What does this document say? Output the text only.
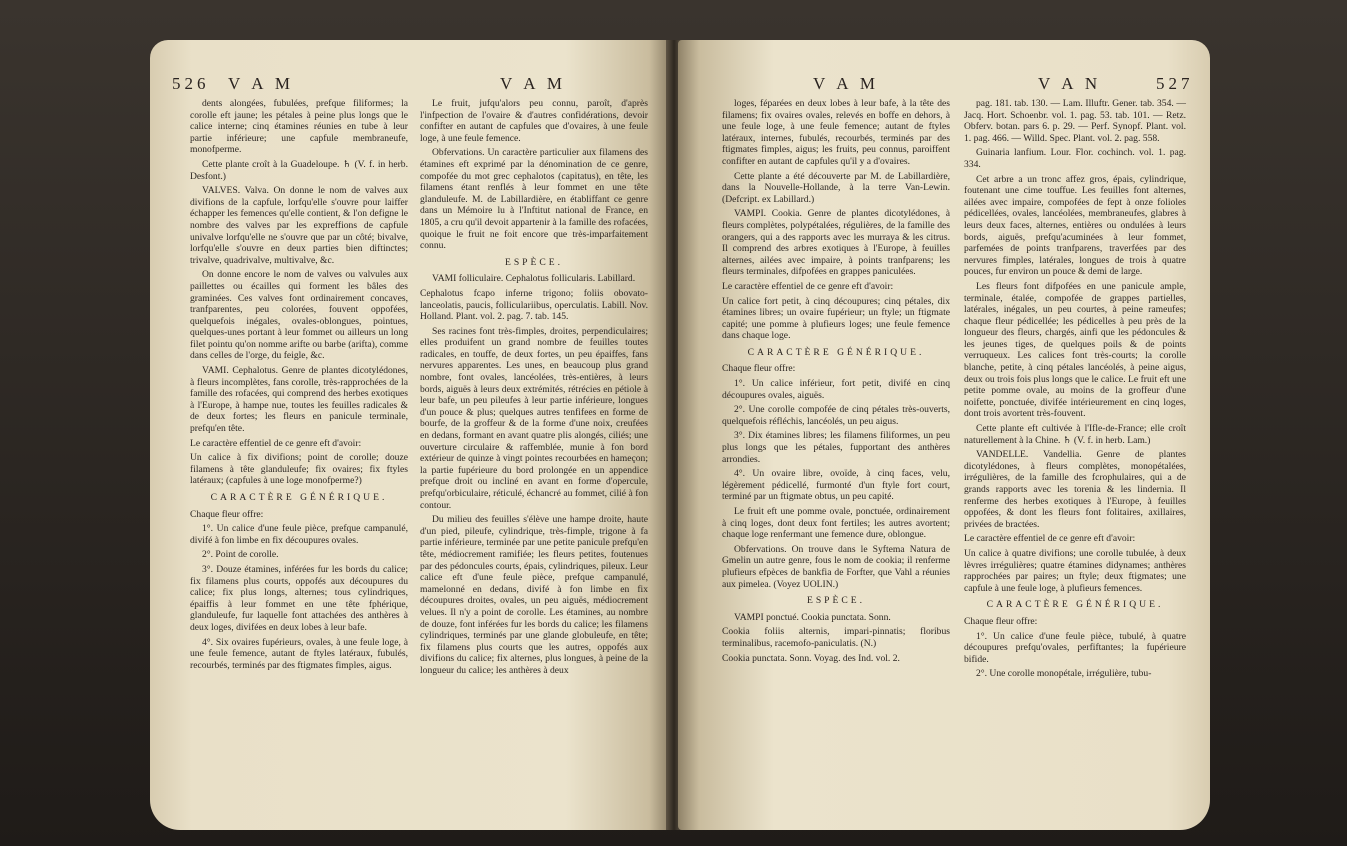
526 V A M	V A M

dents alongées, fubulées, prefque filiformes; la corolle eft jaune; les pétales à peine plus longs que le calice interne; cinq étamines réunies en tube à leur partie inférieure; une capfule membraneufe, monofperme.

Cette plante croît à la Guadeloupe. ♄ (V. f. in herb. Desfont.)

VALVES. Valva. On donne le nom de valves aux divifions de la capfule, lorfqu'elle s'ouvre pour laiffer échapper les femences qu'elle contient, & l'on defigne le nombre des valves par les expreffions de capfule univalve lorfqu'elle ne s'ouvre que par un côté; bivalve, lorfqu'elle s'ouvre en deux parties bien diftinctes; trivalve, quadrivalve, multivalve, &c.

On donne encore le nom de valves ou valvules aux paillettes ou écailles qui forment les bâles des graminées. Ces valves font ordinairement concaves, tranfparentes, peu colorées, fouvent oppofées, quelquefois inégales, ovales-oblongues, pointues, quelques-unes portant à leur fommet ou ailleurs un long filet pointu qu'on nomme arifte ou barbe (arifta), comme dans celles de l'orge, du feigle, &c.

VAMI. Cephalotus. Genre de plantes dicotylédones, à fleurs incomplètes, fans corolle, très-rapprochées de la famille des rofacées, qui comprend des herbes exotiques à l'Europe, à hampe nue, toutes les feuilles radicales & de deux fortes; les fleurs en panicule terminale, prefqu'en tête.

Le caractère effentiel de ce genre eft d'avoir:

Un calice à fix divifions; point de corolle; douze filamens à tête glanduleufe; fix ovaires; fix ftyles latéraux; (capfules à une loge monofperme?)

CARACTÈRE GÉNÉRIQUE.

Chaque fleur offre:

1°. Un calice d'une feule pièce, prefque campanulé, divifé à fon limbe en fix découpures ovales.

2°. Point de corolle.

3°. Douze étamines, inférées fur les bords du calice; fix filamens plus courts, oppofés aux découpures du calice; fix plus longs, alternes; tous cylindriques, épaiffis à leur fommet en une tête fphérique, glanduleufe, fur laquelle font attachées des anthères à deux loges, divifées en deux lobes à leur bafe.

4°. Six ovaires fupérieurs, ovales, à une feule loge, à une feule femence, autant de ftyles latéraux, fubulés, recourbés, terminés par des ftigmates fimples, aigus.

Le fruit, jufqu'alors peu connu, paroît, d'après l'infpection de l'ovaire & d'autres confidérations, devoir confifter en autant de capfules que d'ovaires, à une feule loge, à une feule femence.

Obfervations. Un caractère particulier aux filamens des étamines eft exprimé par la dénomination de ce genre, compofée du mot grec cephalotos (capitatus), en tête, les filamens étant renflés à leur fommet en une tête glanduleufe. M. de Labillardière, en établiffant ce genre dans un Mémoire lu à l'Inftitut national de France, en 1805, a cru qu'il devoit appartenir à la famille des rofacées, quoique le fruit ne foit encore que très-imparfaitement connu.

ESPÈCE.

VAMI folliculaire. Cephalotus follicularis. Labillard.

Cephalotus fcapo inferne trigono; foliis obovato-lanceolatis, paucis, folliculariibus, operculatis. Labill. Nov. Holland. Plant. vol. 2. pag. 7. tab. 145.

Ses racines font très-fimples, droites, perpendiculaires; elles produifent un grand nombre de feuilles toutes radicales, en touffe, de deux fortes, un peu épaiffes, fans nervures apparentes. Les unes, en beaucoup plus grand nombre, font ovales, lancéolées, très-entières, à leurs bords, aiguës à leurs deux extrémités, rétrécies en pétiole à leur bafe, un peu pileufes à leur partie inférieure, longues d'un pouce & plus; quelques autres tenfifees en forme de bourfe, de la groffeur & de la forme d'une noix, creufées en dedans, formant en avant quatre plis alongés, ciliés; une ouverture circulaire & raffemblée, munie à fon bord extérieur de quinze à vingt pointes recourbées en hameçon; la partie fupérieure du bord prolongée en un appendice prefque droit ou incliné en avant en forme d'opercule, prefqu'orbiculaire, réticulé, échancré au fommet, cilié à fon contour.

Du milieu des feuilles s'élève une hampe droite, haute d'un pied, pileufe, cylindrique, très-fimple, trigone à fa partie inférieure, terminée par une petite panicule prefqu'en tête, médiocrement ramifiée; les fleurs petites, foutenues par des pédoncules courts, épais, cylindriques, pileux. Leur calice eft d'une feule pièce, prefque campanulé, mamelonné en dedans, divifé à fon limbe en fix découpures droites, ovales, un peu aiguës, médiocrement velues. Il n'y a point de corolle. Les étamines, au nombre de douze, font inférées fur les bords du calice; les filamens cylindriques, terminés par une glande globuleufe, en tête; fix filamens plus courts que les autres, oppofés aux divifions du calice; fix alternes, plus longues, à peine de la longueur du calice; les anthères à deux

V A M	V A N	527

loges, féparées en deux lobes à leur bafe, à la tête des filamens; fix ovaires ovales, relevés en boffe en dehors, à une feule loge, à une feule femence; autant de ftyles latéraux, internes, fubulés, recourbés, terminés par des ftigmates fimples, aigus; les fruits, peu connus, paroiffent confifter en autant de capfules qu'il y a d'ovaires.

Cette plante a été découverte par M. de Labillardière, dans la Nouvelle-Hollande, à la terre Van-Lewin. (Defcript. ex Labillard.)

VAMPI. Cookia. Genre de plantes dicotylédones, à fleurs complètes, polypétalées, régulières, de la famille des orangers, qui a des rapports avec les murraya & les citrus. Il comprend des arbres exotiques à l'Europe, à feuilles alternes, ailées avec impaire, à points tranfparens; les fleurs terminales, difpofées en grappes paniculées.

Le caractère effentiel de ce genre eft d'avoir:

Un calice fort petit, à cinq découpures; cinq pétales, dix étamines libres; un ovaire fupérieur; un ftyle; un ftigmate capité; une pomme à plufieurs loges; une feule femence dans chaque loge.

CARACTÈRE GÉNÉRIQUE.

Chaque fleur offre:

1°. Un calice inférieur, fort petit, divifé en cinq découpures ovales, aiguës.

2°. Une corolle compofée de cinq pétales très-ouverts, quelquefois réfléchis, lancéolés, un peu aigus.

3°. Dix étamines libres; les filamens filiformes, un peu plus longs que les pétales, fupportant des anthères arrondies.

4°. Un ovaire libre, ovoïde, à cinq faces, velu, légèrement pédicellé, furmonté d'un ftyle fort court, terminé par un ftigmate obtus, un peu capité.

Le fruit eft une pomme ovale, ponctuée, ordinairement à cinq loges, dont deux font fertiles; les autres avortent; chaque loge renfermant une femence dure, oblongue.

Obfervations. On trouve dans le Syftema Natura de Gmelin un autre genre, fous le nom de cookia; il renferme plufieurs efpèces de bankfia de Forfter, que Vahl a réunies aux pimelea. (Voyez UOLIN.)

ESPÈCE.

VAMPI ponctué. Cookia punctata. Sonn.

Cookia foliis alternis, impari-pinnatis; floribus terminalibus, racemofo-paniculatis. (N.)

Cookia punctata. Sonn. Voyag. des Ind. vol. 2.

pag. 181. tab. 130. — Lam. Illuftr. Gener. tab. 354. — Jacq. Hort. Schoenbr. vol. 1. pag. 53. tab. 101. — Retz. Obferv. botan. pars 6. p. 29. — Perf. Synopf. Plant. vol. 1. pag. 466. — Willd. Spec. Plant. vol. 2. pag. 558.

Guinaria lanfium. Lour. Flor. cochinch. vol. 1. pag. 334.

Cet arbre a un tronc affez gros, épais, cylindrique, foutenant une cime touffue. Les feuilles font alternes, ailées avec impaire, compofées de fept à onze folioles pédicellées, ovales, lancéolées, membraneufes, glabres à leurs deux faces, alternes, entières ou ondulées à leurs bords, aiguës, prefqu'acuminées à leur fommet, parfemées de points tranfparens, traverfées par des nervures fimples, latérales, longues de trois à quatre pouces, fur environ un pouce & demi de large.

Les fleurs font difpofées en une panicule ample, terminale, étalée, compofée de grappes partielles, latérales, inégales, un peu courtes, à peine rameufes; chaque fleur pédicellée; les pédicelles à peu près de la longueur des fleurs, chargés, ainfi que les pédoncules & les jeunes tiges, de quelques poils & de points verruqueux. Les calices font très-courts; la corolle blanche, petite, à cinq pétales lancéolés, à peine aigus, deux ou trois fois plus longs que le calice. Le fruit eft une petite pomme ovale, au moins de la groffeur d'une noifette, ponctuée, divifée intérieurement en cinq loges, dont trois avortent très-fouvent.

Cette plante eft cultivée à l'Ifle-de-France; elle croît naturellement à la Chine. ♄ (V. f. in herb. Lam.)

VANDELLE. Vandellia. Genre de plantes dicotylédones, à fleurs complètes, monopétalées, irrégulières, de la famille des fcrophulaires, qui a de grands rapports avec les torenia & les lindernia. Il renferme des herbes exotiques à l'Europe, à feuilles oppofées, & dont les fleurs font folitaires, axillaires, privées de bractées.

Le caractère effentiel de ce genre eft d'avoir:

Un calice à quatre divifions; une corolle tubulée, à deux lèvres irrégulières; quatre étamines didynames; anthères rapprochées par paires; un ftyle; deux ftigmates; une capfule à une feule loge, à plufieurs femences.

CARACTÈRE GÉNÉRIQUE.

Chaque fleur offre:

1°. Un calice d'une feule pièce, tubulé, à quatre découpures prefqu'ovales, perfiftantes; la fupérieure bifide.

2°. Une corolle monopétale, irrégulière, tubu-
